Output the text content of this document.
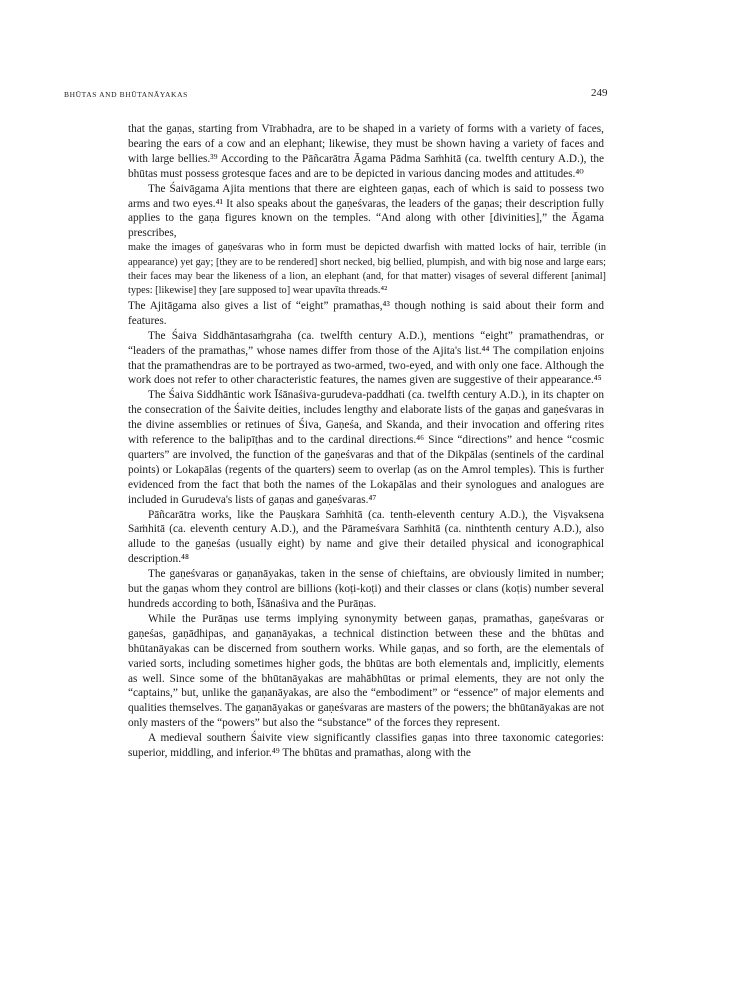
BHŪTAS AND BHŪTANĀYAKAS	249

that the gaṇas, starting from Vīrabhadra, are to be shaped in a variety of forms with a variety of faces, bearing the ears of a cow and an elephant; likewise, they must be shown having a variety of faces and with large bellies.³⁹ According to the Pāñcarātra Āgama Pādma Saṁhitā (ca. twelfth century A.D.), the bhūtas must possess grotesque faces and are to be depicted in various dancing modes and attitudes.⁴⁰

The Śaivāgama Ajita mentions that there are eighteen gaṇas, each of which is said to possess two arms and two eyes.⁴¹ It also speaks about the gaṇeśvaras, the leaders of the gaṇas; their description fully applies to the gaṇa figures known on the temples. “And along with other [divinities],” the Āgama prescribes,

make the images of gaṇeśvaras who in form must be depicted dwarfish with matted locks of hair, terrible (in appearance) yet gay; [they are to be rendered] short necked, big bellied, plumpish, and with big nose and large ears; their faces may bear the likeness of a lion, an elephant (and, for that matter) visages of several different [animal] types: [likewise] they [are supposed to] wear upavīta threads.⁴²

The Ajitāgama also gives a list of “eight” pramathas,⁴³ though nothing is said about their form and features.

The Śaiva Siddhāntasaṁgraha (ca. twelfth century A.D.), mentions “eight” pramathendras, or “leaders of the pramathas,” whose names differ from those of the Ajita's list.⁴⁴ The compilation enjoins that the pramathendras are to be portrayed as two-armed, two-eyed, and with only one face. Although the work does not refer to other characteristic features, the names given are suggestive of their appearance.⁴⁵

The Śaiva Siddhāntic work Īśānaśiva-gurudeva-paddhati (ca. twelfth century A.D.), in its chapter on the consecration of the Śaivite deities, includes lengthy and elaborate lists of the gaṇas and gaṇeśvaras in the divine assemblies or retinues of Śiva, Gaṇeśa, and Skanda, and their invocation and offering rites with reference to the balipīṭhas and to the cardinal directions.⁴⁶ Since “directions” and hence “cosmic quarters” are involved, the function of the gaṇeśvaras and that of the Dikpālas (sentinels of the cardinal points) or Lokapālas (regents of the quarters) seem to overlap (as on the Amrol temples). This is further evidenced from the fact that both the names of the Lokapālas and their synologues and analogues are included in Gurudeva's lists of gaṇas and gaṇeśvaras.⁴⁷

Pāñcarātra works, like the Pauṣkara Saṁhitā (ca. tenth-eleventh century A.D.), the Viṣvaksena Saṁhitā (ca. eleventh century A.D.), and the Pārameśvara Saṁhitā (ca. ninthtenth century A.D.), also allude to the gaṇeśas (usually eight) by name and give their detailed physical and iconographical description.⁴⁸

The gaṇeśvaras or gaṇanāyakas, taken in the sense of chieftains, are obviously limited in number; but the gaṇas whom they control are billions (koṭi-koṭi) and their classes or clans (koṭis) number several hundreds according to both, Īśānaśiva and the Purāṇas.

While the Purāṇas use terms implying synonymity between gaṇas, pramathas, gaṇeśvaras or gaṇeśas, gaṇādhipas, and gaṇanāyakas, a technical distinction between these and the bhūtas and bhūtanāyakas can be discerned from southern works. While gaṇas, and so forth, are the elementals of varied sorts, including sometimes higher gods, the bhūtas are both elementals and, implicitly, elements as well. Since some of the bhūtanāyakas are mahābhūtas or primal elements, they are not only the “captains,” but, unlike the gaṇanāyakas, are also the “embodiment” or “essence” of major elements and qualities themselves. The gaṇanāyakas or gaṇeśvaras are masters of the powers; the bhūtanāyakas are not only masters of the “powers” but also the “substance” of the forces they represent.

A medieval southern Śaivite view significantly classifies gaṇas into three taxonomic categories: superior, middling, and inferior.⁴⁹ The bhūtas and pramathas, along with the
